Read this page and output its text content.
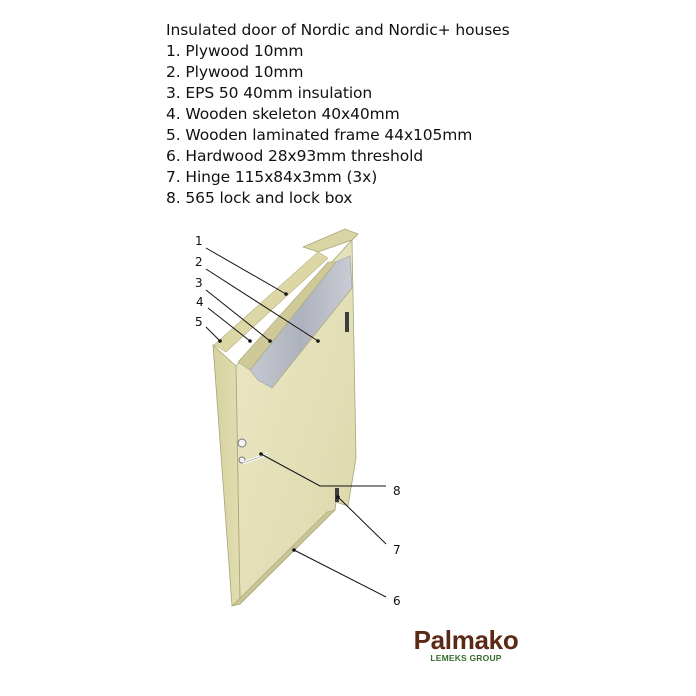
Insulated door of Nordic and Nordic+ houses
1. Plywood 10mm
2. Plywood 10mm
3. EPS 50 40mm insulation
4. Wooden skeleton 40x40mm
5. Wooden laminated frame 44x105mm
6. Hardwood 28x93mm threshold
7. Hinge 115x84x3mm (3x)
8. 565 lock and lock box
1
2
3
4
5
8
7
6
Palmako
LEMEKS GROUP
